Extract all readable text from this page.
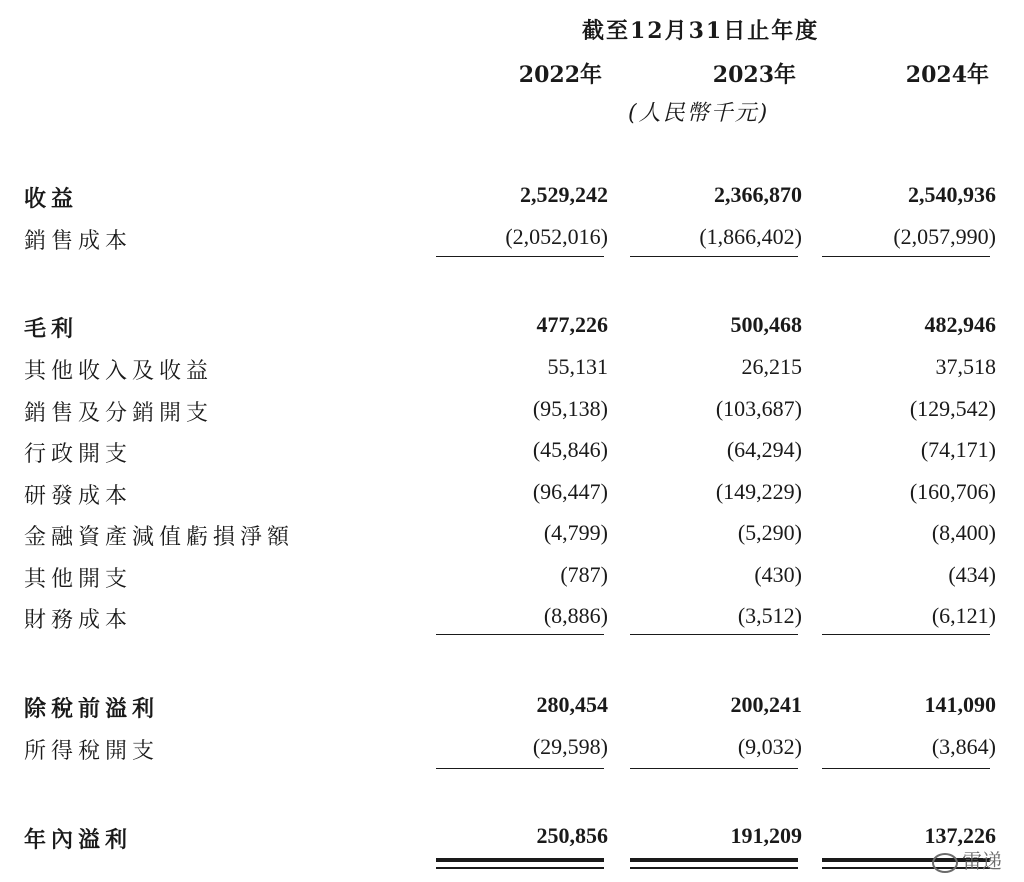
截至12月31日止年度
2022年	2023年	2024年
(人民幣千元)
收益	2,529,242	2,366,870	2,540,936
銷售成本	(2,052,016)	(1,866,402)	(2,057,990)
毛利	477,226	500,468	482,946
其他收入及收益	55,131	26,215	37,518
銷售及分銷開支	(95,138)	(103,687)	(129,542)
行政開支	(45,846)	(64,294)	(74,171)
研發成本	(96,447)	(149,229)	(160,706)
金融資產減值虧損淨額	(4,799)	(5,290)	(8,400)
其他開支	(787)	(430)	(434)
財務成本	(8,886)	(3,512)	(6,121)
除稅前溢利	280,454	200,241	141,090
所得稅開支	(29,598)	(9,032)	(3,864)
年內溢利	250,856	191,209	137,226
雷递
